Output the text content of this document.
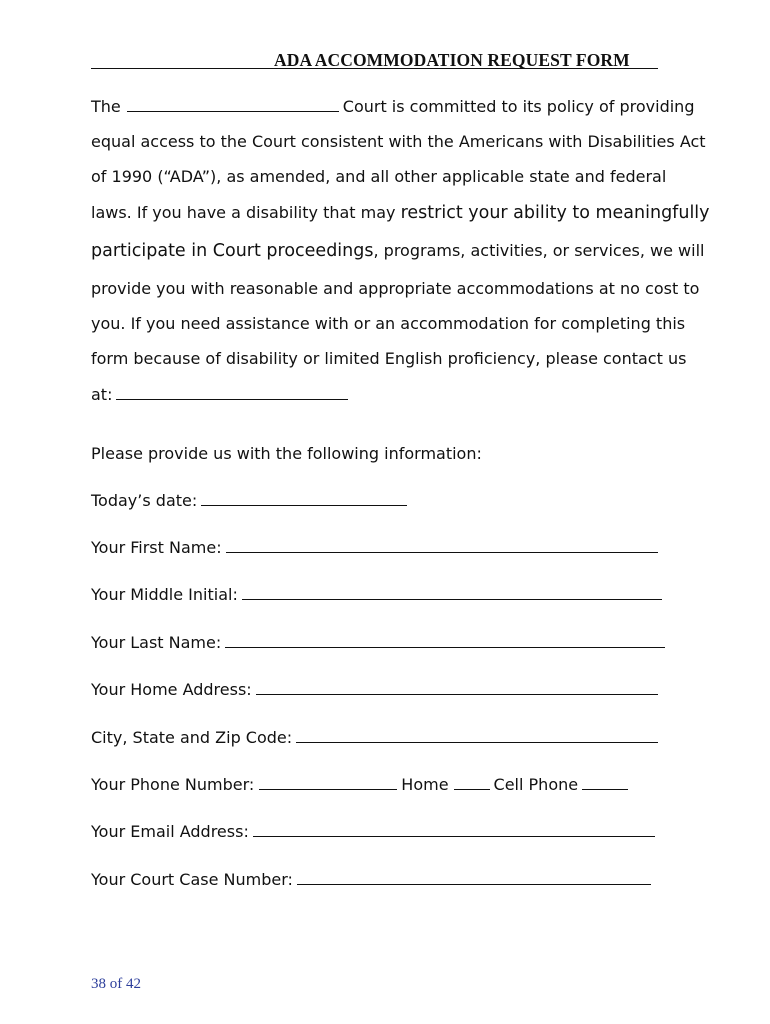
ADA ACCOMMODATION REQUEST FORM
The	Court is committed to its policy of providing
equal access to the Court consistent with the Americans with Disabilities Act
of 1990 (“ADA”), as amended, and all other applicable state and federal
laws. If you have a disability that may restrict your ability to meaningfully
participate in Court proceedings, programs, activities, or services, we will
provide you with reasonable and appropriate accommodations at no cost to
you. If you need assistance with or an accommodation for completing this
form because of disability or limited English proficiency, please contact us
at:
Please provide us with the following information:
Today’s date:
Your First Name:
Your Middle Initial:
Your Last Name:
Your Home Address:
City, State and Zip Code:
Your Phone Number:	Home	Cell Phone
Your Email Address:
Your Court Case Number:
38 of 42
